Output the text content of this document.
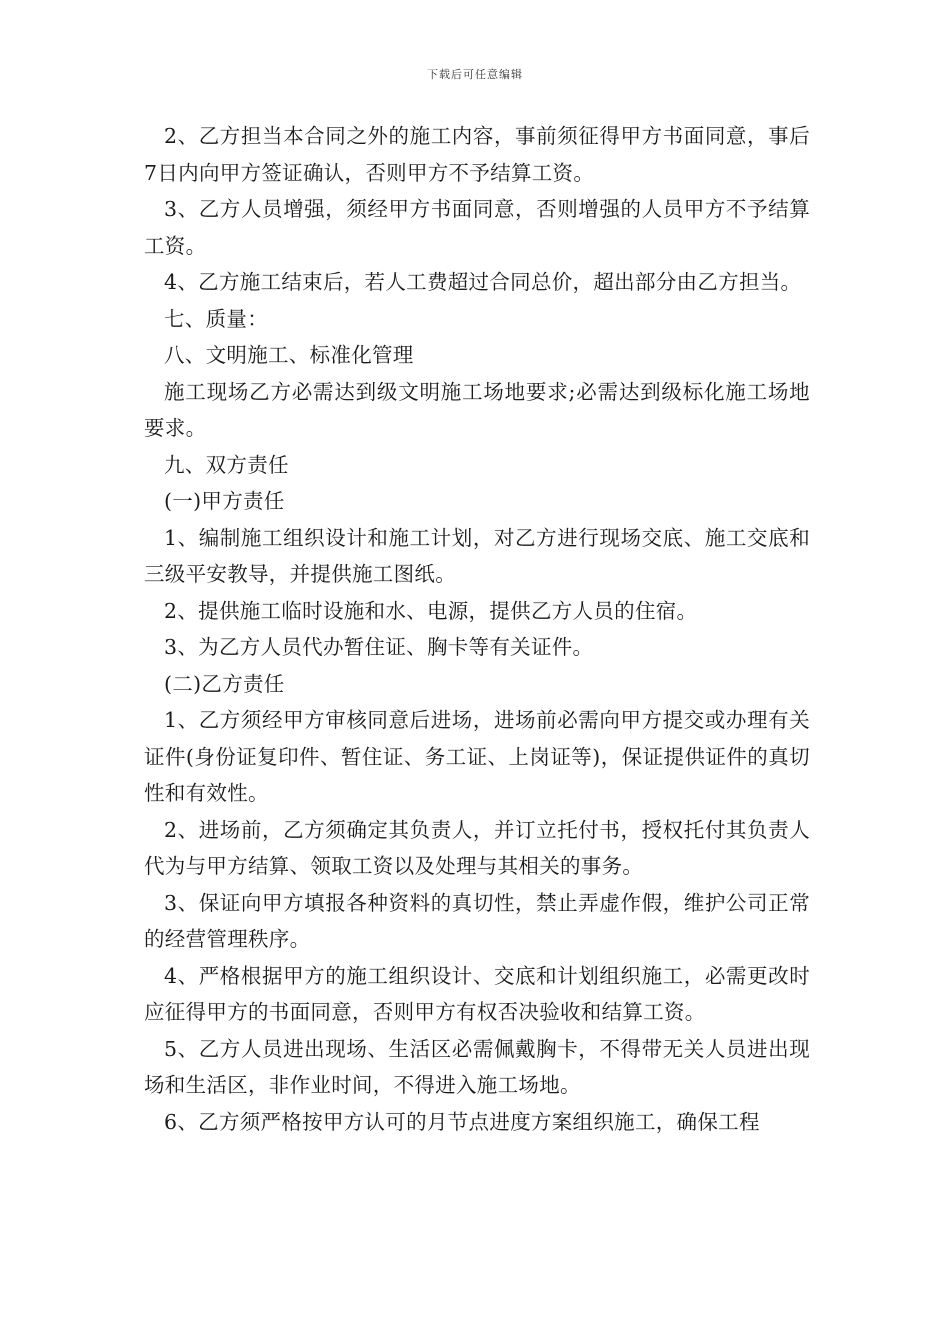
下载后可任意编辑

2、乙方担当本合同之外的施工内容，事前须征得甲方书面同意，事后7日内向甲方签证确认，否则甲方不予结算工资。

3、乙方人员增强，须经甲方书面同意，否则增强的人员甲方不予结算工资。

4、乙方施工结束后，若人工费超过合同总价，超出部分由乙方担当。

七、质量：

八、文明施工、标准化管理

施工现场乙方必需达到级文明施工场地要求;必需达到级标化施工场地要求。

九、双方责任

(一)甲方责任

1、编制施工组织设计和施工计划，对乙方进行现场交底、施工交底和三级平安教导，并提供施工图纸。

2、提供施工临时设施和水、电源，提供乙方人员的住宿。

3、为乙方人员代办暂住证、胸卡等有关证件。

(二)乙方责任

1、乙方须经甲方审核同意后进场，进场前必需向甲方提交或办理有关证件(身份证复印件、暂住证、务工证、上岗证等)，保证提供证件的真切性和有效性。

2、进场前，乙方须确定其负责人，并订立托付书，授权托付其负责人代为与甲方结算、领取工资以及处理与其相关的事务。

3、保证向甲方填报各种资料的真切性，禁止弄虚作假，维护公司正常的经营管理秩序。

4、严格根据甲方的施工组织设计、交底和计划组织施工，必需更改时应征得甲方的书面同意，否则甲方有权否决验收和结算工资。

5、乙方人员进出现场、生活区必需佩戴胸卡，不得带无关人员进出现场和生活区，非作业时间，不得进入施工场地。

6、乙方须严格按甲方认可的月节点进度方案组织施工，确保工程
